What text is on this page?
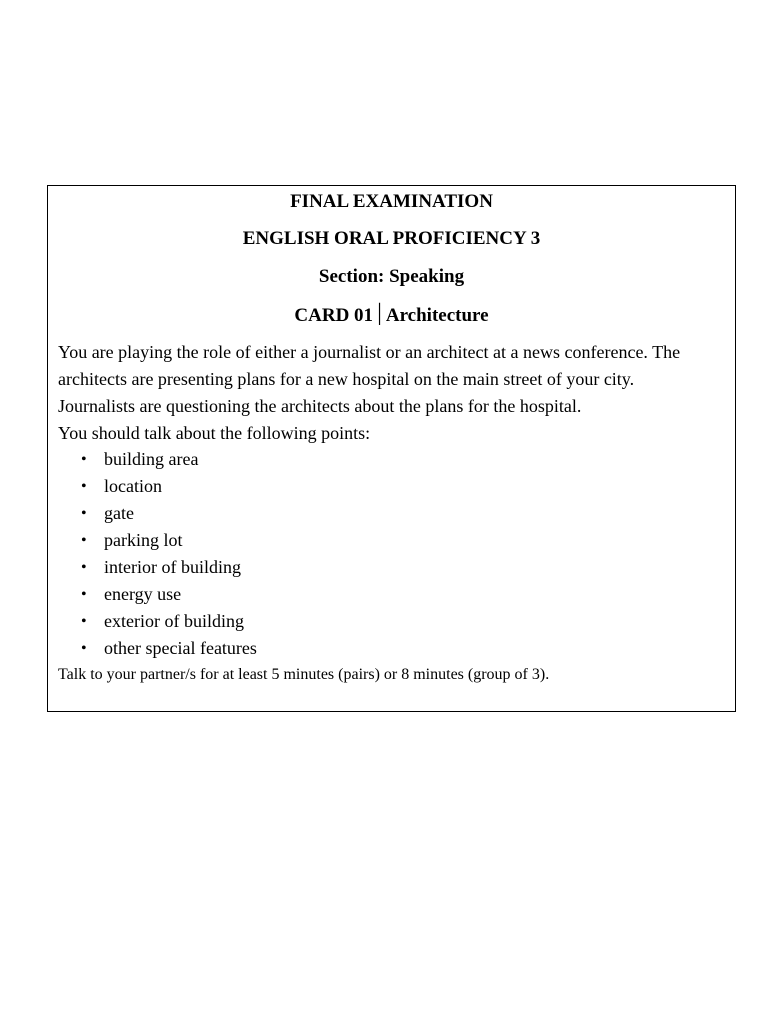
FINAL EXAMINATION
ENGLISH ORAL PROFICIENCY 3
Section: Speaking
CARD 01 | Architecture

You are playing the role of either a journalist or an architect at a news conference. The

architects are presenting plans for a new hospital on the main street of your city.

Journalists are questioning the architects about the plans for the hospital.

You should talk about the following points:

• building area
• location
• gate
• parking lot
• interior of building
• energy use
• exterior of building
• other special features
Talk to your partner/s for at least 5 minutes (pairs) or 8 minutes (group of 3).
